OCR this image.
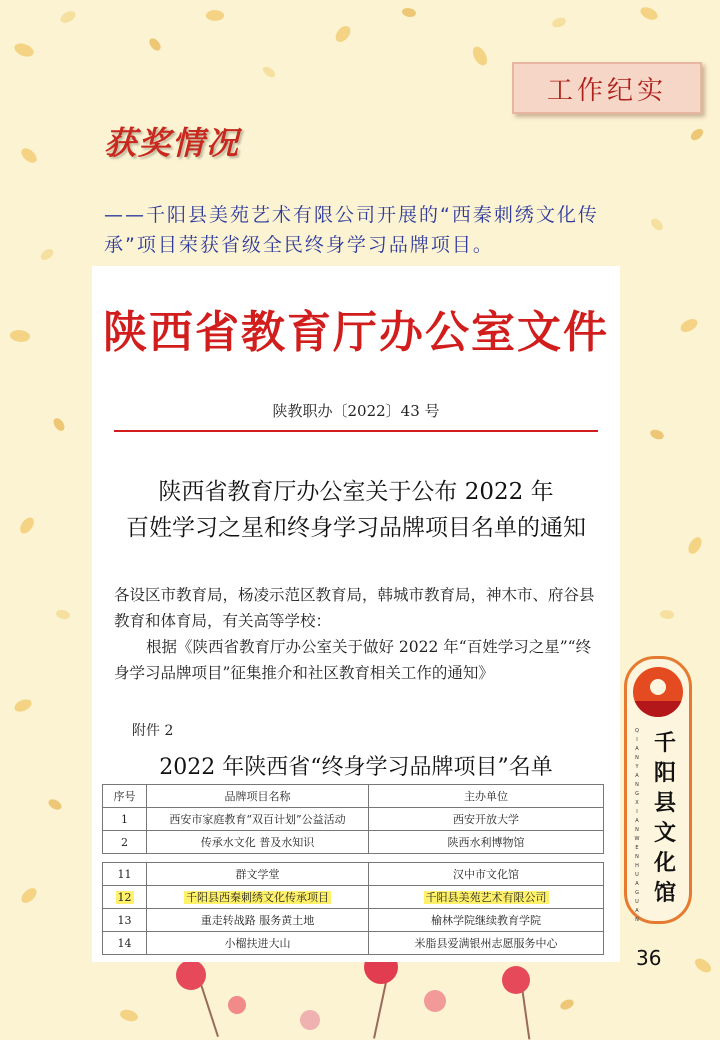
工作纪实
获奖情况
——千阳县美苑艺术有限公司开展的“西秦刺绣文化传承”项目荣获省级全民终身学习品牌项目。
陕西省教育厅办公室文件
陕教职办〔2022〕43 号
陕西省教育厅办公室关于公布 2022 年
百姓学习之星和终身学习品牌项目名单的通知

各设区市教育局，杨凌示范区教育局，韩城市教育局，神木市、府谷县教育和体育局，有关高等学校：

根据《陕西省教育厅办公室关于做好 2022 年“百姓学习之星”“终身学习品牌项目”征集推介和社区教育相关工作的通知》

附件 2
2022 年陕西省“终身学习品牌项目”名单
序号	品牌项目名称	主办单位
1	西安市家庭教育“双百计划”公益活动	西安开放大学
2	传承水文化 普及水知识	陕西水利博物馆

11	群文学堂	汉中市文化馆
12	千阳县西秦刺绣文化传承项目	千阳县美苑艺术有限公司
13	重走转战路 服务黄土地	榆林学院继续教育学院
14	小榴扶进大山	米脂县爱满银州志愿服务中心
Q
I
A
N
Y
A
N
G
X
I
A
N
W
E
N
H
U
A
G
U
A
N
千
阳
县
文
化
馆
36
